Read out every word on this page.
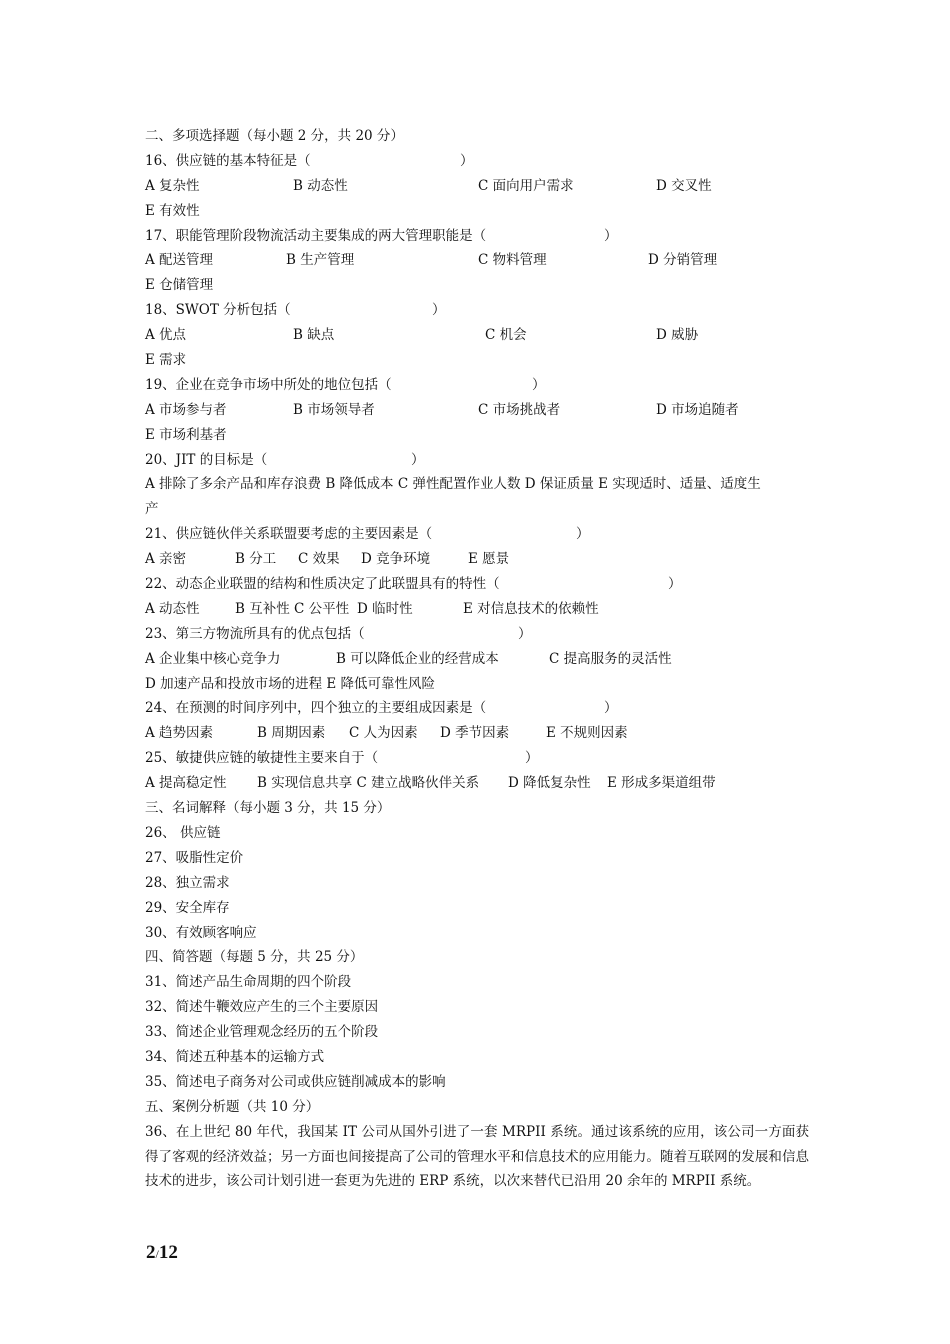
二、多项选择题（每小题 2 分，共 20 分）
16、供应链的基本特征是（	）
A 复杂性	B 动态性	C 面向用户需求	D 交叉性
E 有效性
17、职能管理阶段物流活动主要集成的两大管理职能是（	）
A 配送管理	B 生产管理	C 物料管理	D 分销管理
E 仓储管理
18、SWOT 分析包括（	）
A 优点	B 缺点	C 机会	D 威胁
E 需求
19、企业在竞争市场中所处的地位包括（	）
A 市场参与者	B 市场领导者	C 市场挑战者	D 市场追随者
E 市场利基者
20、JIT 的目标是（	）
A 排除了多余产品和库存浪费 B 降低成本 C 弹性配置作业人数 D 保证质量 E 实现适时、适量、适度生
产
21、供应链伙伴关系联盟要考虑的主要因素是（	）
A 亲密	B 分工 C 效果 D 竞争环境	E 愿景
22、动态企业联盟的结构和性质决定了此联盟具有的特性（	）
A 动态性	B 互补性 C 公平性 D 临时性	E 对信息技术的依赖性
23、第三方物流所具有的优点包括（	）
A 企业集中核心竞争力	B 可以降低企业的经营成本	C 提高服务的灵活性
D 加速产品和投放市场的进程 E 降低可靠性风险
24、在预测的时间序列中，四个独立的主要组成因素是（	）
A 趋势因素	B 周期因素 C 人为因素 D 季节因素	E 不规则因素
25、敏捷供应链的敏捷性主要来自于（	）
A 提高稳定性 B 实现信息共享 C 建立战略伙伴关系 D 降低复杂性 E 形成多渠道组带
三、名词解释（每小题 3 分，共 15 分）
26、 供应链
27、吸脂性定价
28、独立需求
29、安全库存
30、有效顾客响应
四、简答题（每题 5 分，共 25 分）
31、简述产品生命周期的四个阶段
32、简述牛鞭效应产生的三个主要原因
33、简述企业管理观念经历的五个阶段
34、简述五种基本的运输方式
35、简述电子商务对公司或供应链削减成本的影响
五、案例分析题（共 10 分）
36、在上世纪 80 年代，我国某 IT 公司从国外引进了一套 MRPII 系统。通过该系统的应用，该公司一方面获得了客观的经济效益；另一方面也间接提高了公司的管理水平和信息技术的应用能力。随着互联网的发展和信息技术的进步，该公司计划引进一套更为先进的 ERP 系统，以次来替代已沿用 20 余年的 MRPII 系统。
2/12
